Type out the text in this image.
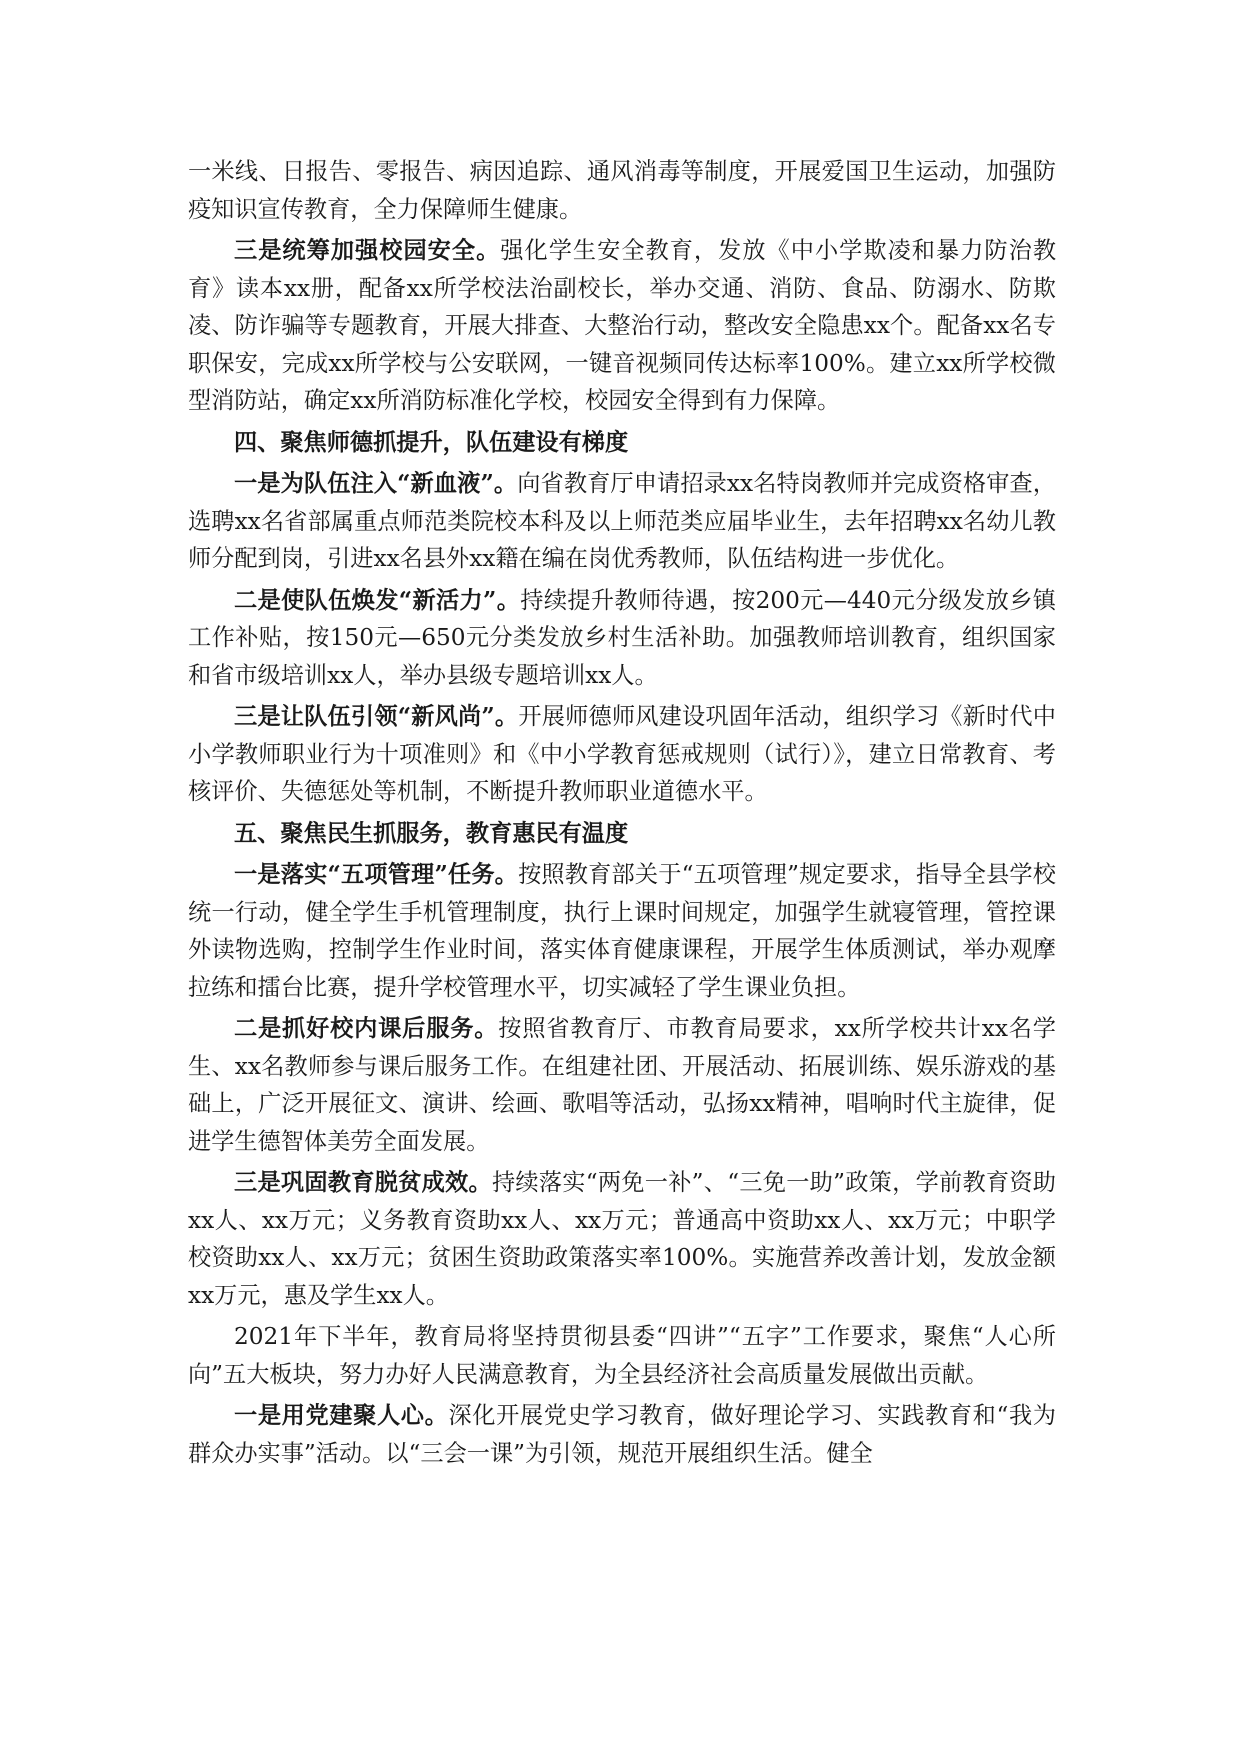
一米线、日报告、零报告、病因追踪、通风消毒等制度，开展爱国卫生运动，加强防疫知识宣传教育，全力保障师生健康。

三是统筹加强校园安全。强化学生安全教育，发放《中小学欺凌和暴力防治教育》读本xx册，配备xx所学校法治副校长，举办交通、消防、食品、防溺水、防欺凌、防诈骗等专题教育，开展大排查、大整治行动，整改安全隐患xx个。配备xx名专职保安，完成xx所学校与公安联网，一键音视频同传达标率100%。建立xx所学校微型消防站，确定xx所消防标准化学校，校园安全得到有力保障。

四、聚焦师德抓提升，队伍建设有梯度

一是为队伍注入“新血液”。向省教育厅申请招录xx名特岗教师并完成资格审查，选聘xx名省部属重点师范类院校本科及以上师范类应届毕业生，去年招聘xx名幼儿教师分配到岗，引进xx名县外xx籍在编在岗优秀教师，队伍结构进一步优化。

二是使队伍焕发“新活力”。持续提升教师待遇，按200元—440元分级发放乡镇工作补贴，按150元—650元分类发放乡村生活补助。加强教师培训教育，组织国家和省市级培训xx人，举办县级专题培训xx人。

三是让队伍引领“新风尚”。开展师德师风建设巩固年活动，组织学习《新时代中小学教师职业行为十项准则》和《中小学教育惩戒规则（试行）》，建立日常教育、考核评价、失德惩处等机制，不断提升教师职业道德水平。

五、聚焦民生抓服务，教育惠民有温度

一是落实“五项管理”任务。按照教育部关于“五项管理”规定要求，指导全县学校统一行动，健全学生手机管理制度，执行上课时间规定，加强学生就寝管理，管控课外读物选购，控制学生作业时间，落实体育健康课程，开展学生体质测试，举办观摩拉练和擂台比赛，提升学校管理水平，切实减轻了学生课业负担。

二是抓好校内课后服务。按照省教育厅、市教育局要求，xx所学校共计xx名学生、xx名教师参与课后服务工作。在组建社团、开展活动、拓展训练、娱乐游戏的基础上，广泛开展征文、演讲、绘画、歌唱等活动，弘扬xx精神，唱响时代主旋律，促进学生德智体美劳全面发展。

三是巩固教育脱贫成效。持续落实“两免一补”、“三免一助”政策，学前教育资助xx人、xx万元；义务教育资助xx人、xx万元；普通高中资助xx人、xx万元；中职学校资助xx人、xx万元；贫困生资助政策落实率100%。实施营养改善计划，发放金额xx万元，惠及学生xx人。

2021年下半年，教育局将坚持贯彻县委“四讲”“五字”工作要求，聚焦“人心所向”五大板块，努力办好人民满意教育，为全县经济社会高质量发展做出贡献。

一是用党建聚人心。深化开展党史学习教育，做好理论学习、实践教育和“我为群众办实事”活动。以“三会一课”为引领，规范开展组织生活。健全
